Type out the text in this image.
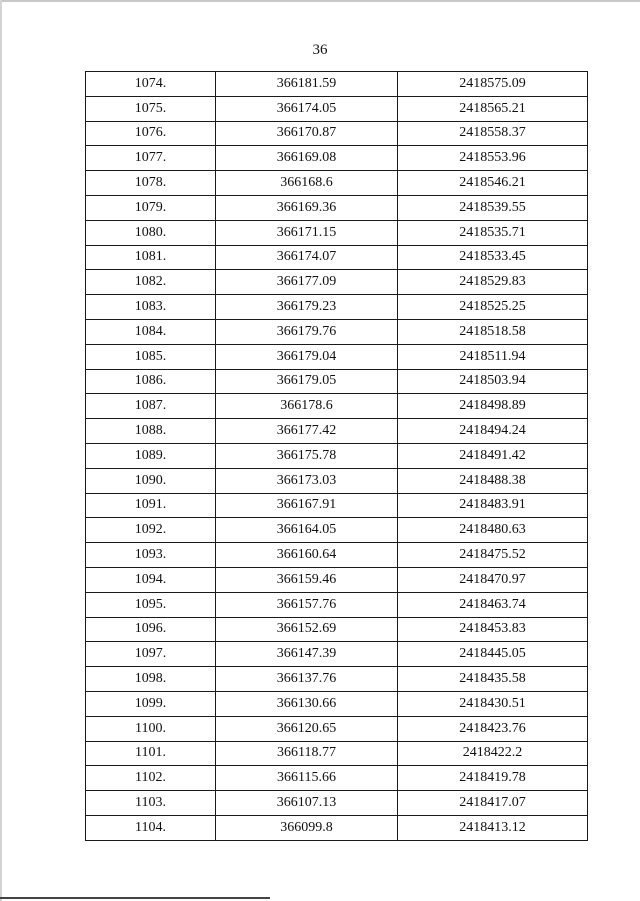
36
1074.	366181.59	2418575.09
1075.	366174.05	2418565.21
1076.	366170.87	2418558.37
1077.	366169.08	2418553.96
1078.	366168.6	2418546.21
1079.	366169.36	2418539.55
1080.	366171.15	2418535.71
1081.	366174.07	2418533.45
1082.	366177.09	2418529.83
1083.	366179.23	2418525.25
1084.	366179.76	2418518.58
1085.	366179.04	2418511.94
1086.	366179.05	2418503.94
1087.	366178.6	2418498.89
1088.	366177.42	2418494.24
1089.	366175.78	2418491.42
1090.	366173.03	2418488.38
1091.	366167.91	2418483.91
1092.	366164.05	2418480.63
1093.	366160.64	2418475.52
1094.	366159.46	2418470.97
1095.	366157.76	2418463.74
1096.	366152.69	2418453.83
1097.	366147.39	2418445.05
1098.	366137.76	2418435.58
1099.	366130.66	2418430.51
1100.	366120.65	2418423.76
1101.	366118.77	2418422.2
1102.	366115.66	2418419.78
1103.	366107.13	2418417.07
1104.	366099.8	2418413.12
